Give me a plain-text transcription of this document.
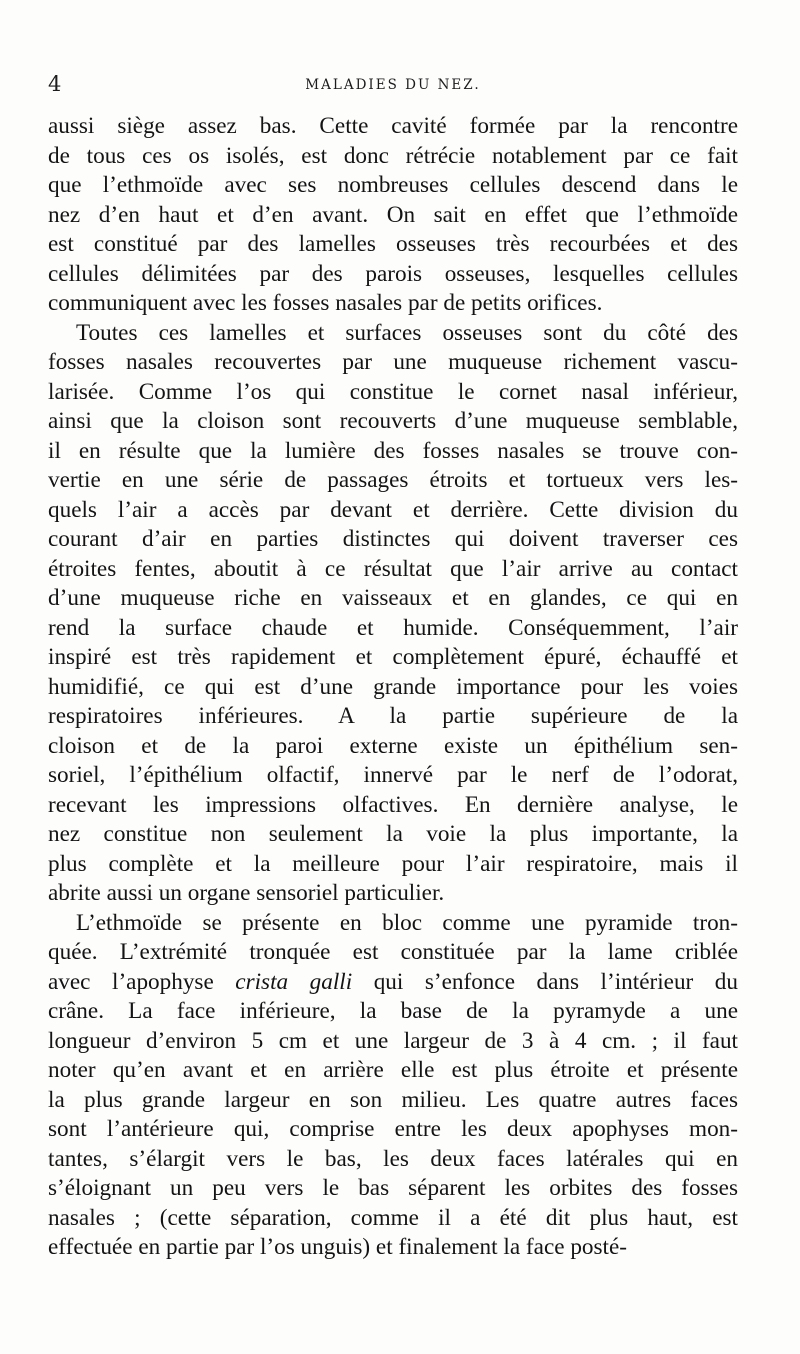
4	MALADIES DU NEZ.
aussi siège assez bas. Cette cavité formée par la rencontre
de tous ces os isolés, est donc rétrécie notablement par ce fait
que l’ethmoïde avec ses nombreuses cellules descend dans le
nez d’en haut et d’en avant. On sait en effet que l’ethmoïde
est constitué par des lamelles osseuses très recourbées et des
cellules délimitées par des parois osseuses, lesquelles cellules
communiquent avec les fosses nasales par de petits orifices.
Toutes ces lamelles et surfaces osseuses sont du côté des
fosses nasales recouvertes par une muqueuse richement vascu-
larisée. Comme l’os qui constitue le cornet nasal inférieur,
ainsi que la cloison sont recouverts d’une muqueuse semblable,
il en résulte que la lumière des fosses nasales se trouve con-
vertie en une série de passages étroits et tortueux vers les-
quels l’air a accès par devant et derrière. Cette division du
courant d’air en parties distinctes qui doivent traverser ces
étroites fentes, aboutit à ce résultat que l’air arrive au contact
d’une muqueuse riche en vaisseaux et en glandes, ce qui en
rend la surface chaude et humide. Conséquemment, l’air
inspiré est très rapidement et complètement épuré, échauffé et
humidifié, ce qui est d’une grande importance pour les voies
respiratoires inférieures. A la partie supérieure de la
cloison et de la paroi externe existe un épithélium sen-
soriel, l’épithélium olfactif, innervé par le nerf de l’odorat,
recevant les impressions olfactives. En dernière analyse, le
nez constitue non seulement la voie la plus importante, la
plus complète et la meilleure pour l’air respiratoire, mais il
abrite aussi un organe sensoriel particulier.
L’ethmoïde se présente en bloc comme une pyramide tron-
quée. L’extrémité tronquée est constituée par la lame criblée
avec l’apophyse crista galli qui s’enfonce dans l’intérieur du
crâne. La face inférieure, la base de la pyramyde a une
longueur d’environ 5 cm et une largeur de 3 à 4 cm. ; il faut
noter qu’en avant et en arrière elle est plus étroite et présente
la plus grande largeur en son milieu. Les quatre autres faces
sont l’antérieure qui, comprise entre les deux apophyses mon-
tantes, s’élargit vers le bas, les deux faces latérales qui en
s’éloignant un peu vers le bas séparent les orbites des fosses
nasales ; (cette séparation, comme il a été dit plus haut, est
effectuée en partie par l’os unguis) et finalement la face posté-
